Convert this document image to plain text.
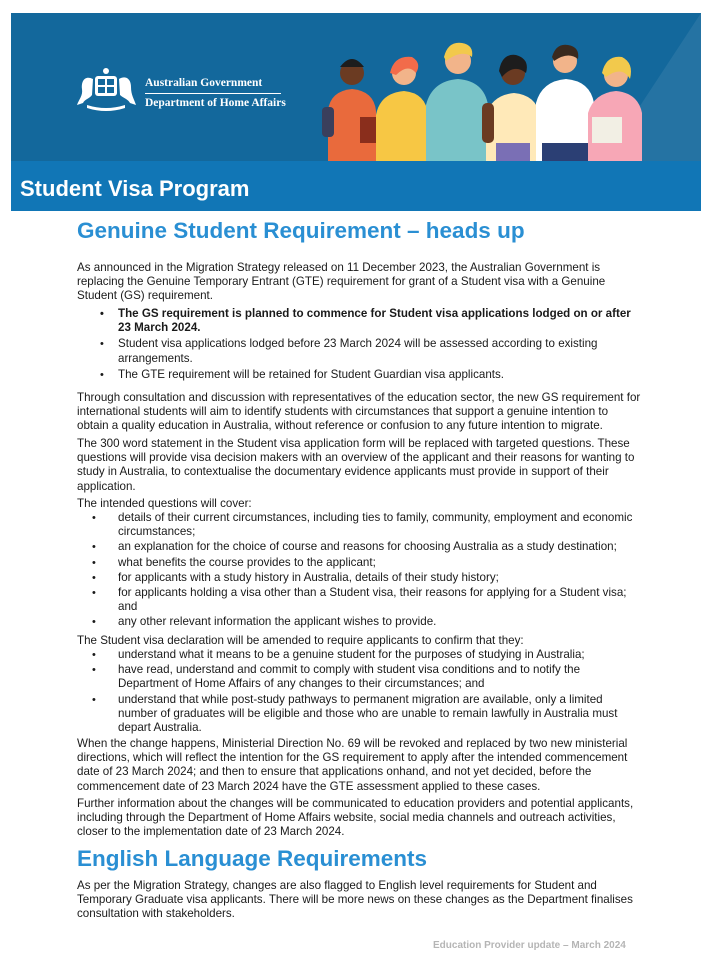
Australian Government
Department of Home Affairs
Student Visa Program
Genuine Student Requirement – heads up

As announced in the Migration Strategy released on 11 December 2023, the Australian Government is replacing the Genuine Temporary Entrant (GTE) requirement for grant of a Student visa with a Genuine Student (GS) requirement.

• The GS requirement is planned to commence for Student visa applications lodged on or after 23 March 2024.
• Student visa applications lodged before 23 March 2024 will be assessed according to existing arrangements.
• The GTE requirement will be retained for Student Guardian visa applicants.

Through consultation and discussion with representatives of the education sector, the new GS requirement for international students will aim to identify students with circumstances that support a genuine intention to obtain a quality education in Australia, without reference or confusion to any future intention to migrate.

The 300 word statement in the Student visa application form will be replaced with targeted questions. These questions will provide visa decision makers with an overview of the applicant and their reasons for wanting to study in Australia, to contextualise the documentary evidence applicants must provide in support of their application.

The intended questions will cover:

• details of their current circumstances, including ties to family, community, employment and economic circumstances;
• an explanation for the choice of course and reasons for choosing Australia as a study destination;
• what benefits the course provides to the applicant;
• for applicants with a study history in Australia, details of their study history;
• for applicants holding a visa other than a Student visa, their reasons for applying for a Student visa; and
• any other relevant information the applicant wishes to provide.

The Student visa declaration will be amended to require applicants to confirm that they:

• understand what it means to be a genuine student for the purposes of studying in Australia;
• have read, understand and commit to comply with student visa conditions and to notify the Department of Home Affairs of any changes to their circumstances; and
• understand that while post-study pathways to permanent migration are available, only a limited number of graduates will be eligible and those who are unable to remain lawfully in Australia must depart Australia.

When the change happens, Ministerial Direction No. 69 will be revoked and replaced by two new ministerial directions, which will reflect the intention for the GS requirement to apply after the intended commencement date of 23 March 2024; and then to ensure that applications onhand, and not yet decided, before the commencement date of 23 March 2024 have the GTE assessment applied to these cases.

Further information about the changes will be communicated to education providers and potential applicants, including through the Department of Home Affairs website, social media channels and outreach activities, closer to the implementation date of 23 March 2024.

English Language Requirements

As per the Migration Strategy, changes are also flagged to English level requirements for Student and Temporary Graduate visa applicants. There will be more news on these changes as the Department finalises consultation with stakeholders.

Education Provider update – March 2024
